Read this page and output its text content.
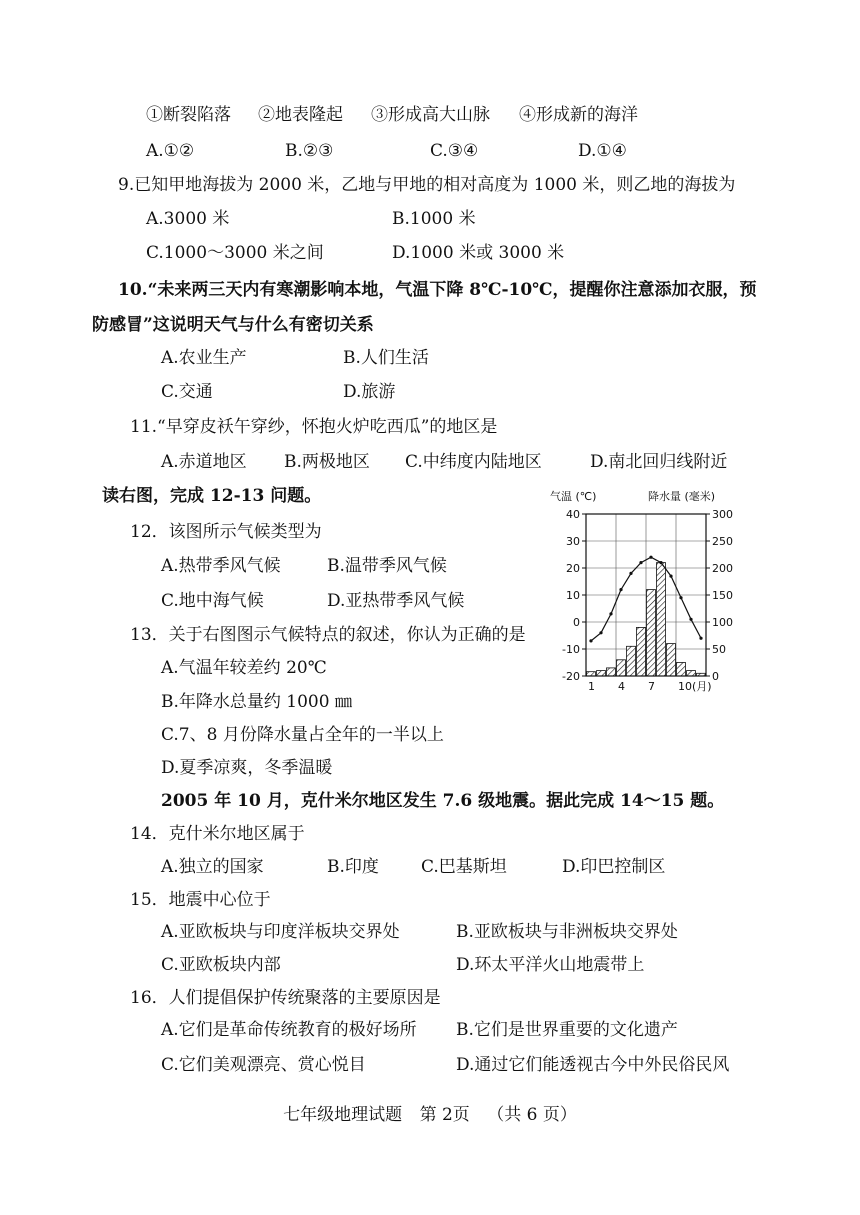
①断裂陷落 ②地表隆起 ③形成高大山脉 ④形成新的海洋
A.①②	B.②③	C.③④	D.①④
9.已知甲地海拔为 2000 米，乙地与甲地的相对高度为 1000 米，则乙地的海拔为
A.3000 米	B.1000 米
C.1000～3000 米之间	D.1000 米或 3000 米
10.“未来两三天内有寒潮影响本地，气温下降 8℃-10℃，提醒你注意添加衣服，预
防感冒”这说明天气与什么有密切关系
A.农业生产	B.人们生活
C.交通	D.旅游
11.“早穿皮袄午穿纱，怀抱火炉吃西瓜”的地区是
A.赤道地区 B.两极地区 C.中纬度内陆地区	D.南北回归线附近
读右图，完成 12-13 问题。
12．该图所示气候类型为
A.热带季风气候	B.温带季风气候
C.地中海气候	D.亚热带季风气候
13．关于右图图示气候特点的叙述，你认为正确的是
A.气温年较差约 20℃
B.年降水总量约 1000 ㎜
C.7、8 月份降水量占全年的一半以上
D.夏季凉爽，冬季温暖
2005 年 10 月，克什米尔地区发生 7.6 级地震。据此完成 14～15 题。
14．克什米尔地区属于
A.独立的国家	B.印度 C.巴基斯坦	D.印巴控制区
15．地震中心位于
A.亚欧板块与印度洋板块交界处	B.亚欧板块与非洲板块交界处
C.亚欧板块内部	D.环太平洋火山地震带上
16．人们提倡保护传统聚落的主要原因是
A.它们是革命传统教育的极好场所 B.它们是世界重要的文化遗产
C.它们美观漂亮、赏心悦目	D.通过它们能透视古今中外民俗民风
气温 (℃)	降水量 (毫米)
40
30
20
10
0
-10
-20
300
250
200
150
100
50
0
1 4 7 10(月)
七年级地理试题 第 2页 （共 6 页）
